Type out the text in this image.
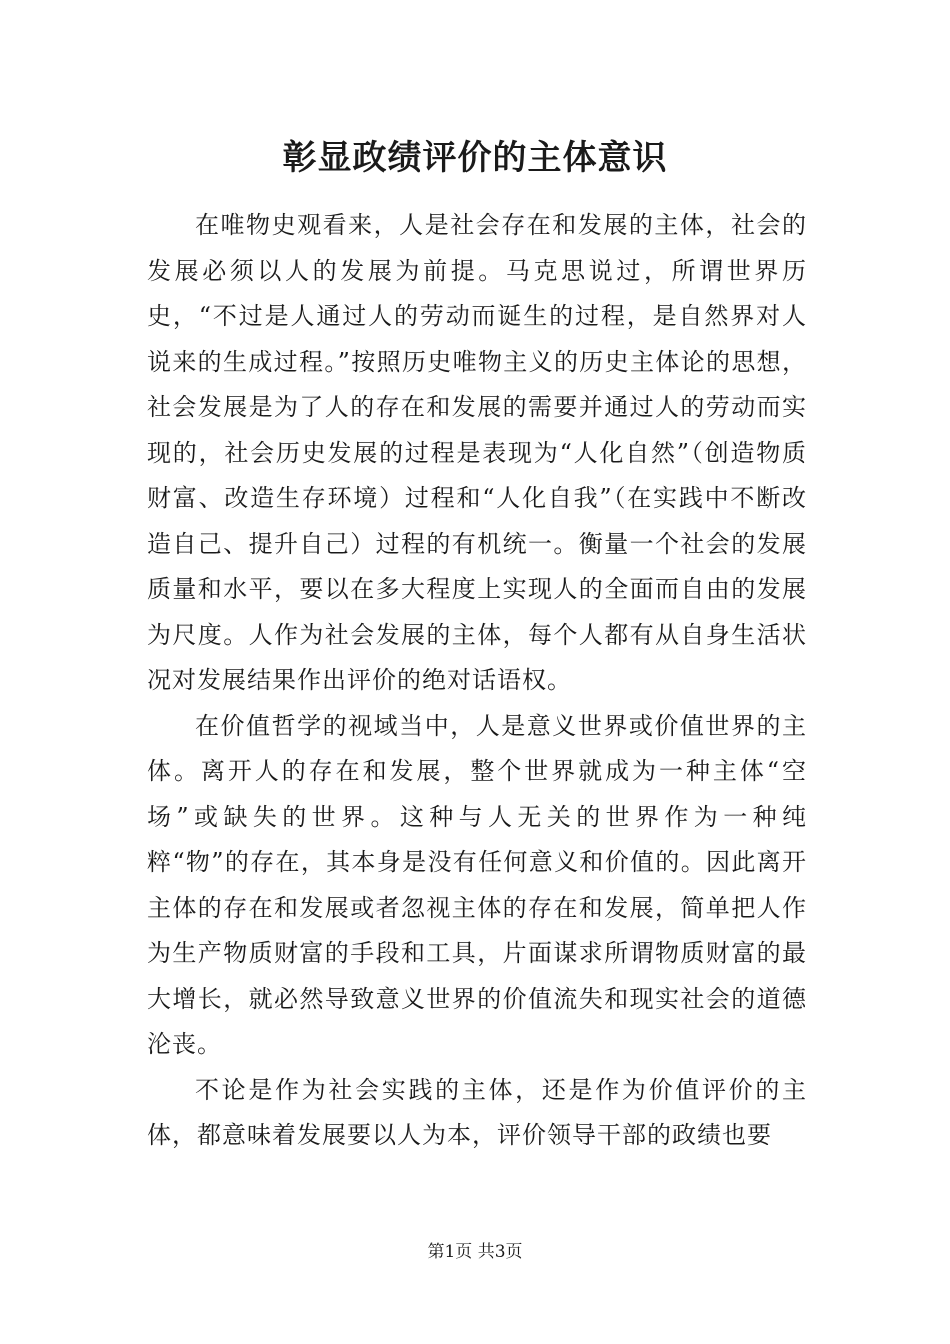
彰显政绩评价的主体意识

在唯物史观看来，人是社会存在和发展的主体，社会的发展必须以人的发展为前提。马克思说过，所谓世界历史，“不过是人通过人的劳动而诞生的过程，是自然界对人说来的生成过程。”按照历史唯物主义的历史主体论的思想，社会发展是为了人的存在和发展的需要并通过人的劳动而实现的，社会历史发展的过程是表现为“人化自然”（创造物质财富、改造生存环境）过程和“人化自我”（在实践中不断改造自己、提升自己）过程的有机统一。衡量一个社会的发展质量和水平，要以在多大程度上实现人的全面而自由的发展为尺度。人作为社会发展的主体，每个人都有从自身生活状况对发展结果作出评价的绝对话语权。

在价值哲学的视域当中，人是意义世界或价值世界的主体。离开人的存在和发展，整个世界就成为一种主体“空场”或缺失的世界。这种与人无关的世界作为一种纯粹“物”的存在，其本身是没有任何意义和价值的。因此离开主体的存在和发展或者忽视主体的存在和发展，简单把人作为生产物质财富的手段和工具，片面谋求所谓物质财富的最大增长，就必然导致意义世界的价值流失和现实社会的道德沦丧。

不论是作为社会实践的主体，还是作为价值评价的主体，都意味着发展要以人为本，评价领导干部的政绩也要

第1页 共3页
